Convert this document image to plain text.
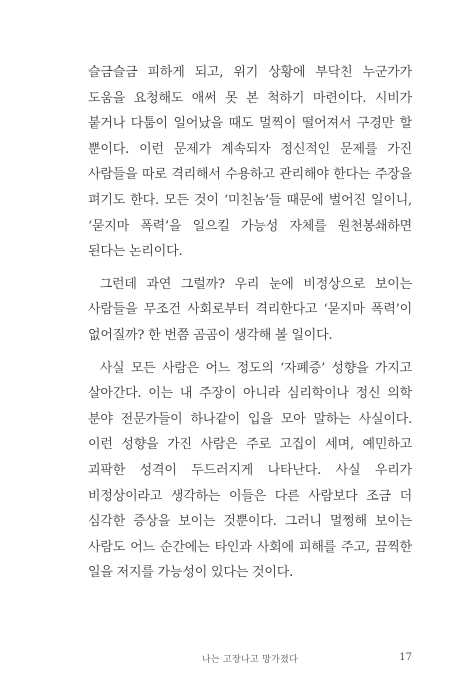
슬금슬금 피하게 되고, 위기 상황에 부닥친 누군가가 도움을 요청해도 애써 못 본 척하기 마련이다. 시비가 붙거나 다툼이 일어났을 때도 멀찍이 떨어져서 구경만 할 뿐이다. 이런 문제가 계속되자 정신적인 문제를 가진 사람들을 따로 격리해서 수용하고 관리해야 한다는 주장을 펴기도 한다. 모든 것이 ‘미친놈’들 때문에 벌어진 일이니, ‘묻지마 폭력’을 일으킬 가능성 자체를 원천봉쇄하면 된다는 논리이다.

그런데 과연 그럴까? 우리 눈에 비정상으로 보이는 사람들을 무조건 사회로부터 격리한다고 ‘묻지마 폭력’이 없어질까? 한 번쯤 곰곰이 생각해 볼 일이다.

사실 모든 사람은 어느 정도의 ‘자폐증’ 성향을 가지고 살아간다. 이는 내 주장이 아니라 심리학이나 정신 의학 분야 전문가들이 하나같이 입을 모아 말하는 사실이다. 이런 성향을 가진 사람은 주로 고집이 세며, 예민하고 괴팍한 성격이 두드러지게 나타난다. 사실 우리가 비정상이라고 생각하는 이들은 다른 사람보다 조금 더 심각한 증상을 보이는 것뿐이다. 그러니 멀쩡해 보이는 사람도 어느 순간에는 타인과 사회에 피해를 주고, 끔찍한 일을 저지를 가능성이 있다는 것이다.

나는 고장나고 망가졌다	17
